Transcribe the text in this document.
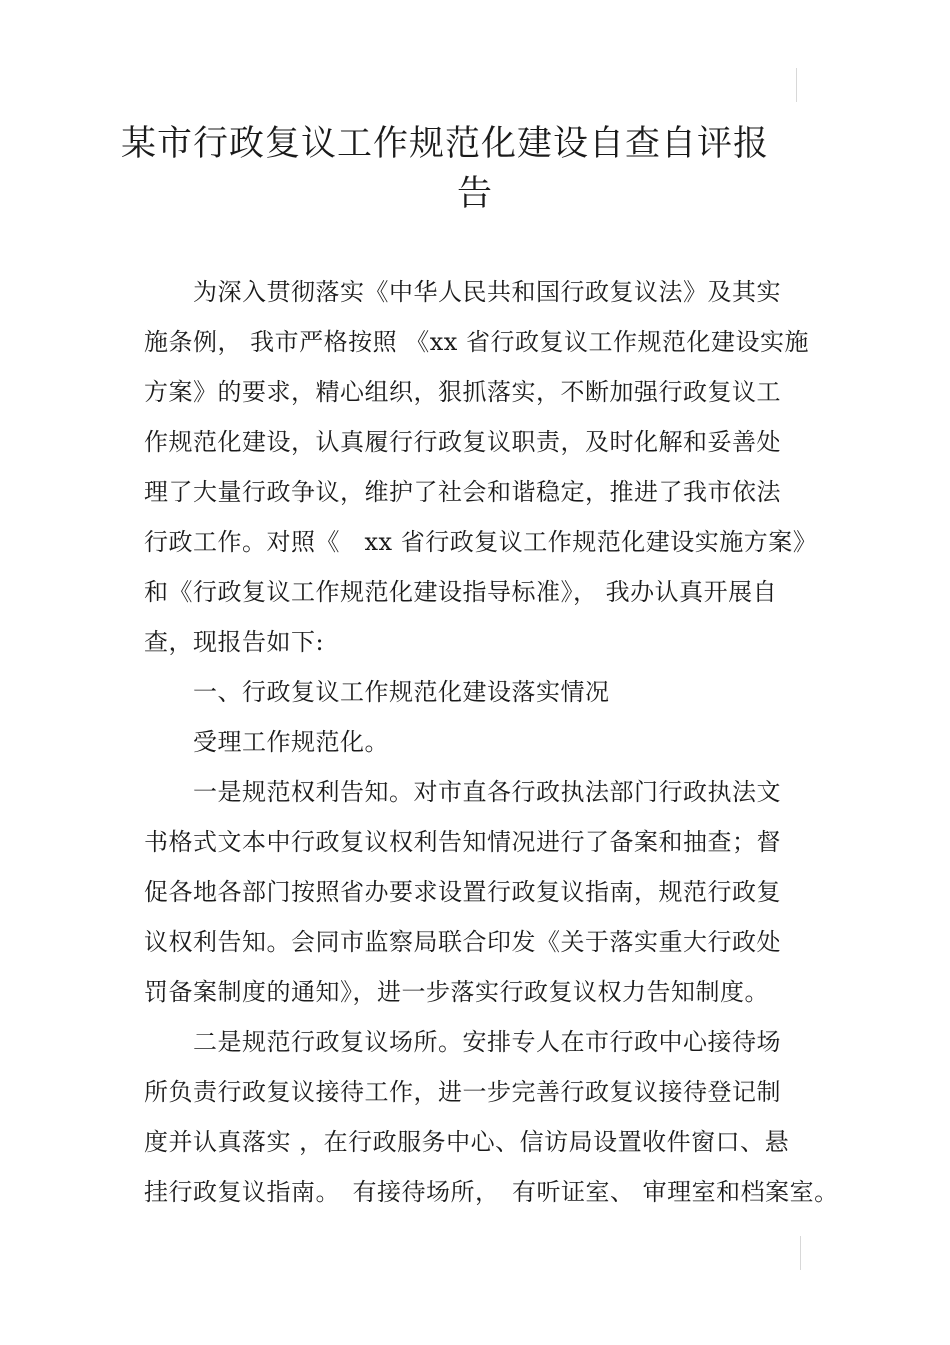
某市行政复议工作规范化建设自查自评报
告
为深入贯彻落实《中华人民共和国行政复议法》及其实
施条例， 我市严格按照 《xx 省行政复议工作规范化建设实施
方案》的要求，精心组织，狠抓落实，不断加强行政复议工
作规范化建设，认真履行行政复议职责，及时化解和妥善处
理了大量行政争议，维护了社会和谐稳定，推进了我市依法
行政工作。对照《　xx 省行政复议工作规范化建设实施方案》
和《行政复议工作规范化建设指导标准》， 我办认真开展自
查，现报告如下:
一、行政复议工作规范化建设落实情况
受理工作规范化。
一是规范权利告知。对市直各行政执法部门行政执法文
书格式文本中行政复议权利告知情况进行了备案和抽查；督
促各地各部门按照省办要求设置行政复议指南，规范行政复
议权利告知。会同市监察局联合印发《关于落实重大行政处
罚备案制度的通知》，进一步落实行政复议权力告知制度。
二是规范行政复议场所。安排专人在市行政中心接待场
所负责行政复议接待工作，进一步完善行政复议接待登记制
度并认真落实 ，在行政服务中心、信访局设置收件窗口、悬
挂行政复议指南。　有接待场所，　有听证室、 审理室和档案室。
